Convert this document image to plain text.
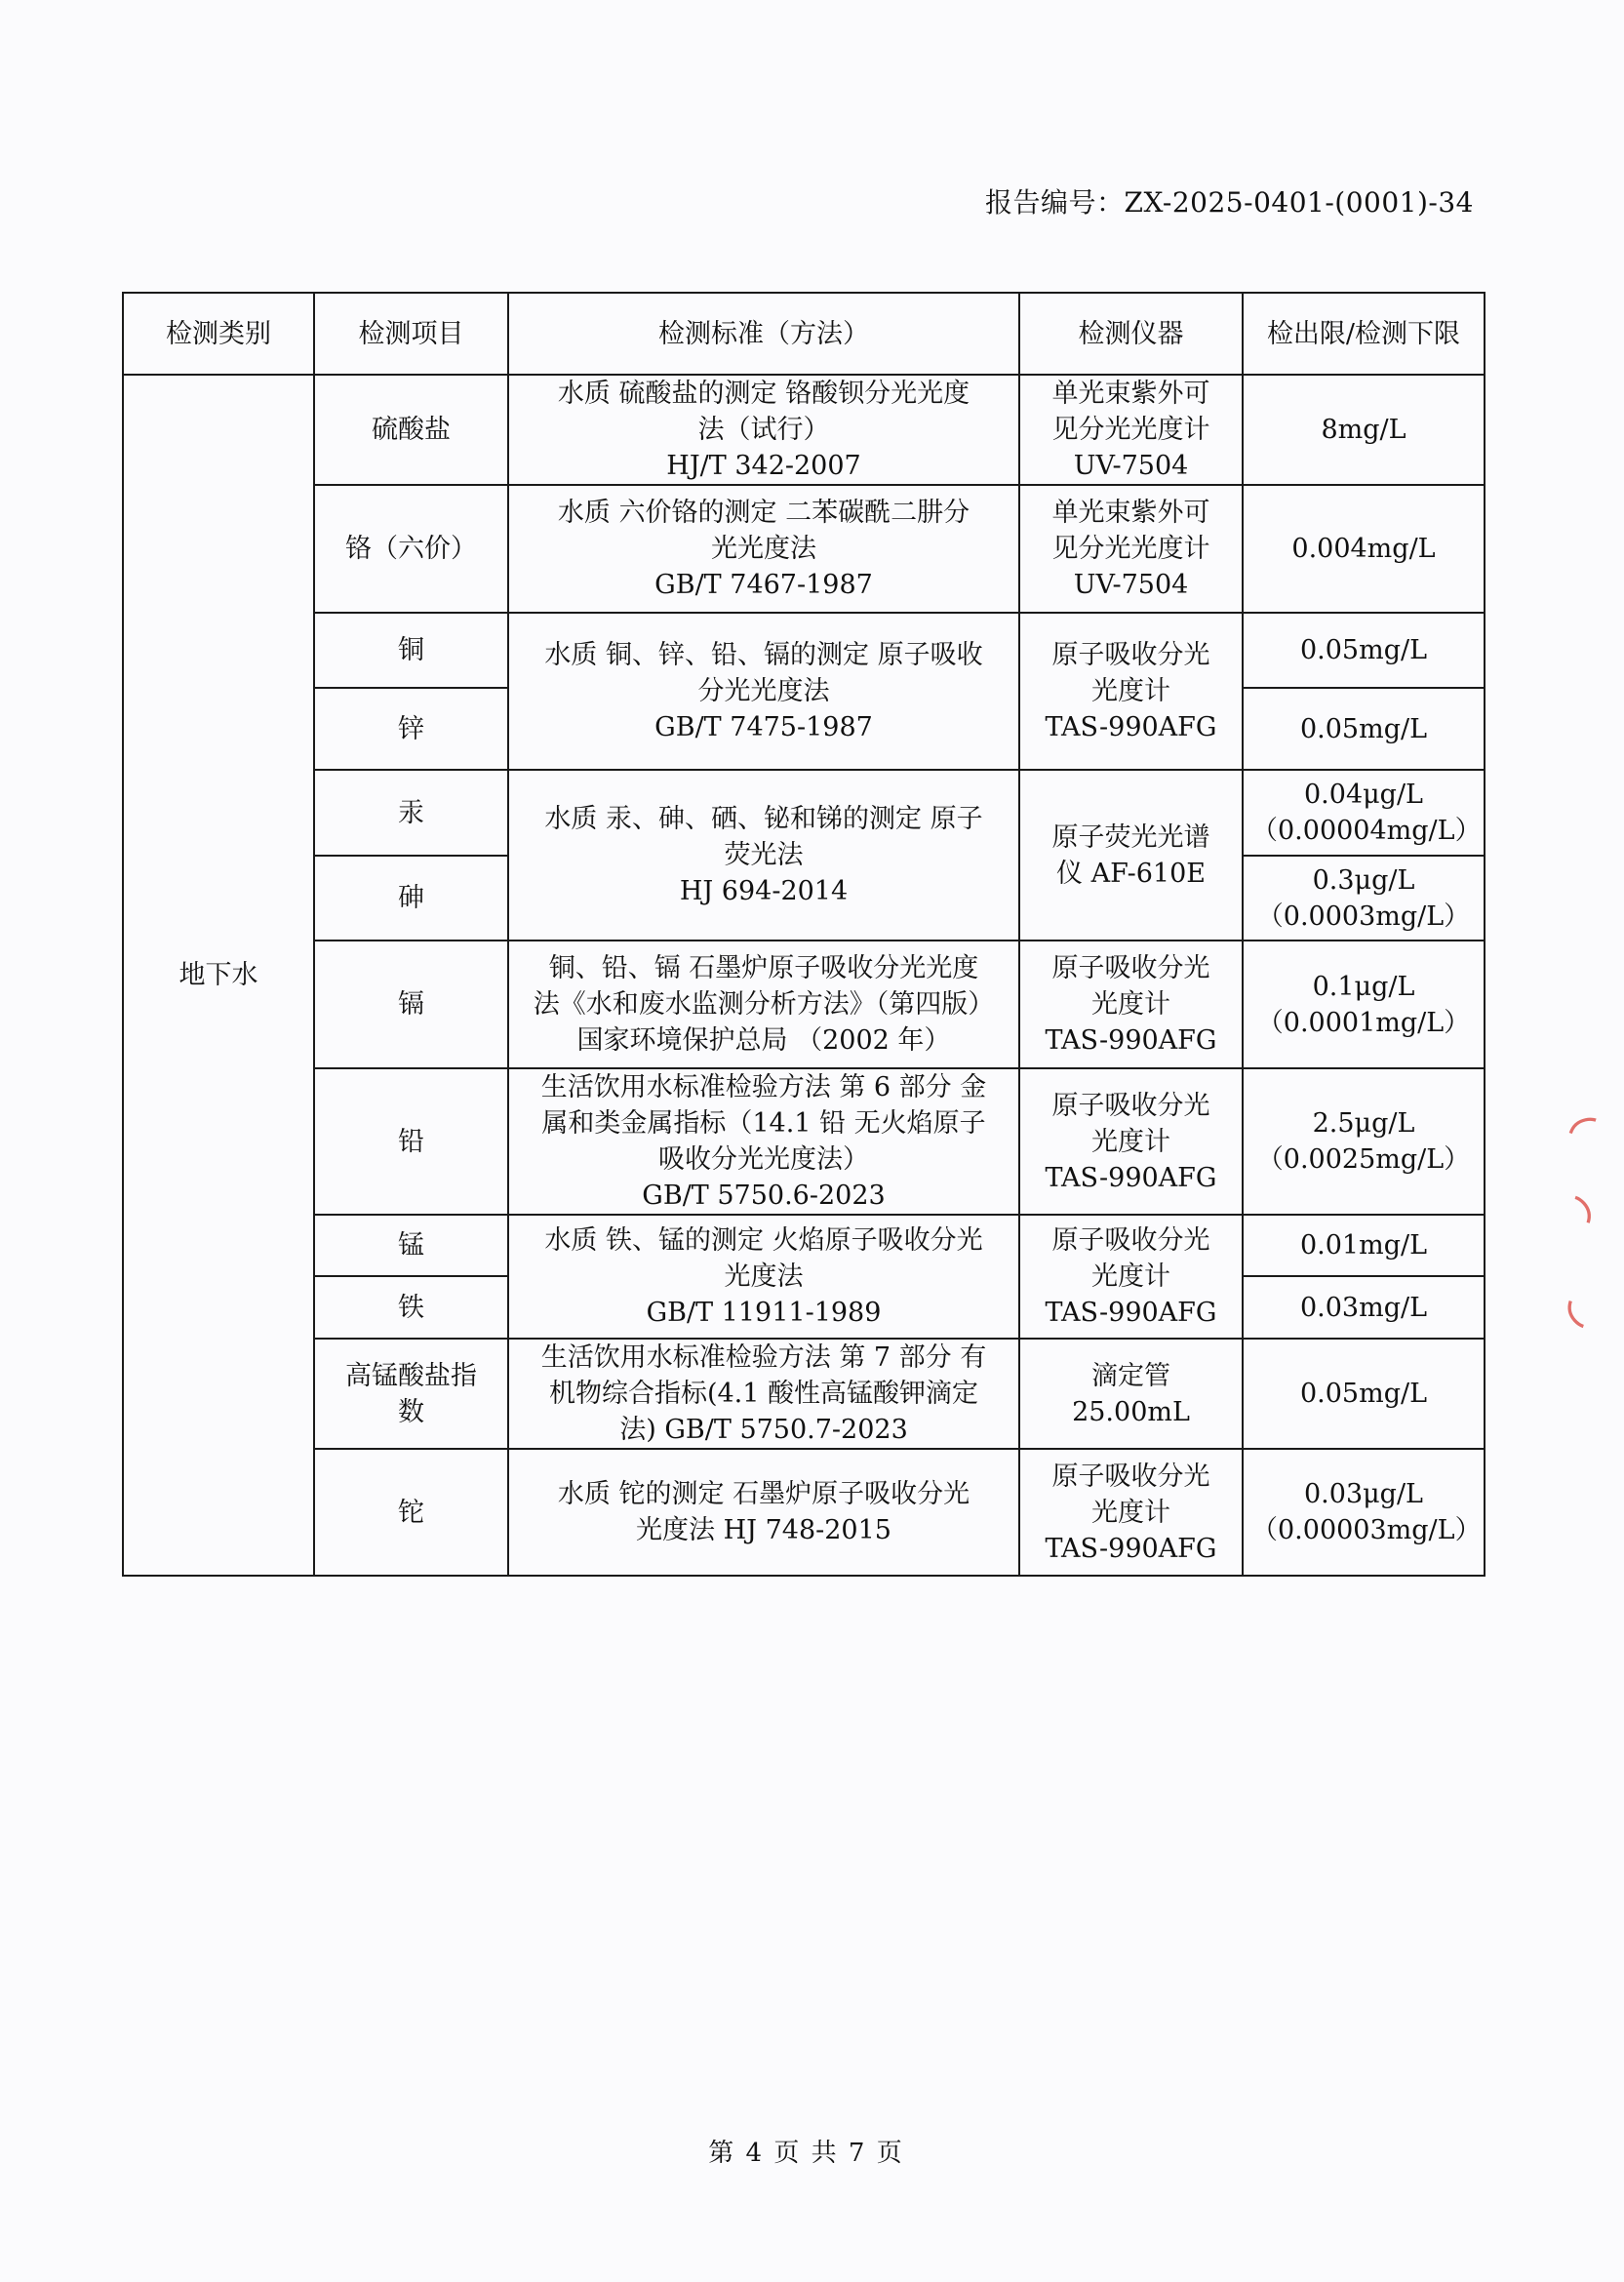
报告编号：ZX-2025-0401-(0001)-34
检测类别	检测项目	检测标准（方法）	检测仪器	检出限/检测下限
地下水	硫酸盐	水质 硫酸盐的测定 铬酸钡分光光度
法（试行）
HJ/T 342-2007	单光束紫外可
见分光光度计
UV-7504	8mg/L

	铬（六价）	水质 六价铬的测定 二苯碳酰二肼分
光光度法
GB/T 7467-1987	单光束紫外可
见分光光度计
UV-7504	0.004mg/L

	铜	水质 铜、锌、铅、镉的测定 原子吸收
分光光度法
GB/T 7475-1987	原子吸收分光
光度计
TAS-990AFG	0.05mg/L

	锌			0.05mg/L

	汞	水质 汞、砷、硒、铋和锑的测定 原子
荧光法
HJ 694-2014	原子荧光光谱
仪 AF-610E	0.04μg/L
（0.00004mg/L）

	砷			0.3μg/L
（0.0003mg/L）

	镉	铜、铅、镉 石墨炉原子吸收分光光度
法《水和废水监测分析方法》（第四版）
国家环境保护总局 （2002 年）	原子吸收分光
光度计
TAS-990AFG	0.1μg/L
（0.0001mg/L）

	铅	生活饮用水标准检验方法 第 6 部分 金
属和类金属指标（14.1 铅 无火焰原子
吸收分光光度法）
GB/T 5750.6-2023	原子吸收分光
光度计
TAS-990AFG	2.5μg/L
（0.0025mg/L）

	锰	水质 铁、锰的测定 火焰原子吸收分光
光度法
GB/T 11911-1989	原子吸收分光
光度计
TAS-990AFG	0.01mg/L

	铁			0.03mg/L

	高锰酸盐指
数	生活饮用水标准检验方法 第 7 部分 有
机物综合指标(4.1 酸性高锰酸钾滴定
法) GB/T 5750.7-2023	滴定管
25.00mL	0.05mg/L

	铊	水质 铊的测定 石墨炉原子吸收分光
光度法 HJ 748-2015	原子吸收分光
光度计
TAS-990AFG	0.03μg/L
（0.00003mg/L）
◜
◝
◟
第 4 页 共 7 页
